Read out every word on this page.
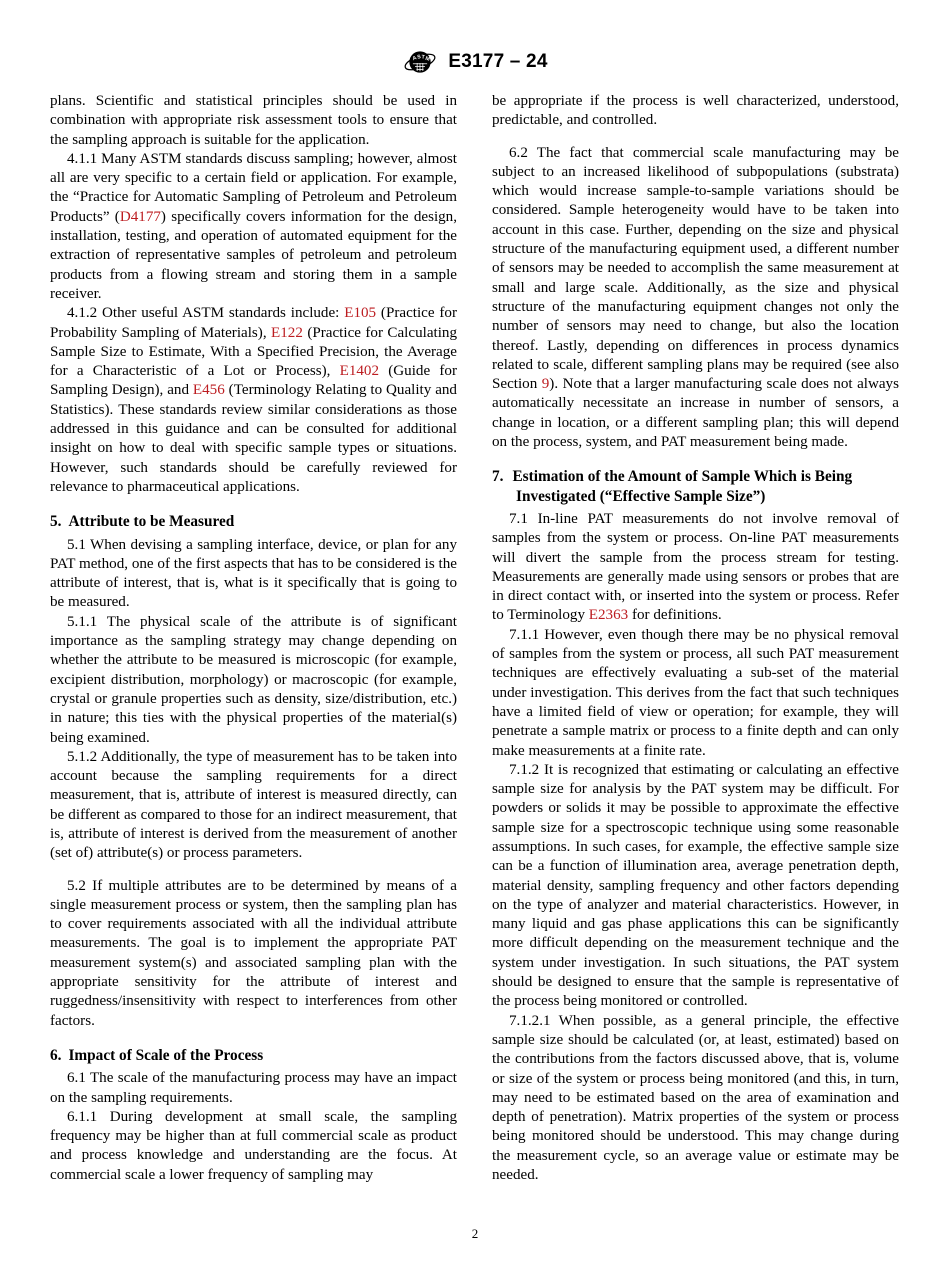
A S T M E3177 – 24

plans. Scientific and statistical principles should be used in combination with appropriate risk assessment tools to ensure that the sampling approach is suitable for the application.

4.1.1 Many ASTM standards discuss sampling; however, almost all are very specific to a certain field or application. For example, the “Practice for Automatic Sampling of Petroleum and Petroleum Products” (D4177) specifically covers information for the design, installation, testing, and operation of automated equipment for the extraction of representative samples of petroleum and petroleum products from a flowing stream and storing them in a sample receiver.

4.1.2 Other useful ASTM standards include: E105 (Practice for Probability Sampling of Materials), E122 (Practice for Calculating Sample Size to Estimate, With a Specified Precision, the Average for a Characteristic of a Lot or Process), E1402 (Guide for Sampling Design), and E456 (Terminology Relating to Quality and Statistics). These standards review similar considerations as those addressed in this guidance and can be consulted for additional insight on how to deal with specific sample types or situations. However, such standards should be carefully reviewed for relevance to pharmaceutical applications.

5. Attribute to be Measured

5.1 When devising a sampling interface, device, or plan for any PAT method, one of the first aspects that has to be considered is the attribute of interest, that is, what is it specifically that is going to be measured.

5.1.1 The physical scale of the attribute is of significant importance as the sampling strategy may change depending on whether the attribute to be measured is microscopic (for example, excipient distribution, morphology) or macroscopic (for example, crystal or granule properties such as density, size/distribution, etc.) in nature; this ties with the physical properties of the material(s) being examined.

5.1.2 Additionally, the type of measurement has to be taken into account because the sampling requirements for a direct measurement, that is, attribute of interest is measured directly, can be different as compared to those for an indirect measurement, that is, attribute of interest is derived from the measurement of another (set of) attribute(s) or process parameters.

5.2 If multiple attributes are to be determined by means of a single measurement process or system, then the sampling plan has to cover requirements associated with all the individual attribute measurements. The goal is to implement the appropriate PAT measurement system(s) and associated sampling plan with the appropriate sensitivity for the attribute of interest and ruggedness/insensitivity with respect to interferences from other factors.

6. Impact of Scale of the Process

6.1 The scale of the manufacturing process may have an impact on the sampling requirements.

6.1.1 During development at small scale, the sampling frequency may be higher than at full commercial scale as product and process knowledge and understanding are the focus. At commercial scale a lower frequency of sampling may

be appropriate if the process is well characterized, understood, predictable, and controlled.

6.2 The fact that commercial scale manufacturing may be subject to an increased likelihood of subpopulations (substrata) which would increase sample-to-sample variations should be considered. Sample heterogeneity would have to be taken into account in this case. Further, depending on the size and physical structure of the manufacturing equipment used, a different number of sensors may be needed to accomplish the same measurement at small and large scale. Additionally, as the size and physical structure of the manufacturing equipment changes not only the number of sensors may need to change, but also the location thereof. Lastly, depending on differences in process dynamics related to scale, different sampling plans may be required (see also Section 9). Note that a larger manufacturing scale does not always automatically necessitate an increase in number of sensors, a change in location, or a different sampling plan; this will depend on the process, system, and PAT measurement being made.

7. Estimation of the Amount of Sample Which is Being Investigated (“Effective Sample Size”)

7.1 In-line PAT measurements do not involve removal of samples from the system or process. On-line PAT measurements will divert the sample from the process stream for testing. Measurements are generally made using sensors or probes that are in direct contact with, or inserted into the system or process. Refer to Terminology E2363 for definitions.

7.1.1 However, even though there may be no physical removal of samples from the system or process, all such PAT measurement techniques are effectively evaluating a sub-set of the material under investigation. This derives from the fact that such techniques have a limited field of view or operation; for example, they will penetrate a sample matrix or process to a finite depth and can only make measurements at a finite rate.

7.1.2 It is recognized that estimating or calculating an effective sample size for analysis by the PAT system may be difficult. For powders or solids it may be possible to approximate the effective sample size for a spectroscopic technique using some reasonable assumptions. In such cases, for example, the effective sample size can be a function of illumination area, average penetration depth, material density, sampling frequency and other factors depending on the type of analyzer and material characteristics. However, in many liquid and gas phase applications this can be significantly more difficult depending on the measurement technique and the system under investigation. In such situations, the PAT system should be designed to ensure that the sample is representative of the process being monitored or controlled.

7.1.2.1 When possible, as a general principle, the effective sample size should be calculated (or, at least, estimated) based on the contributions from the factors discussed above, that is, volume or size of the system or process being monitored (and this, in turn, may need to be estimated based on the area of examination and depth of penetration). Matrix properties of the system or process being monitored should be understood. This may change during the measurement cycle, so an average value or estimate may be needed.

2
